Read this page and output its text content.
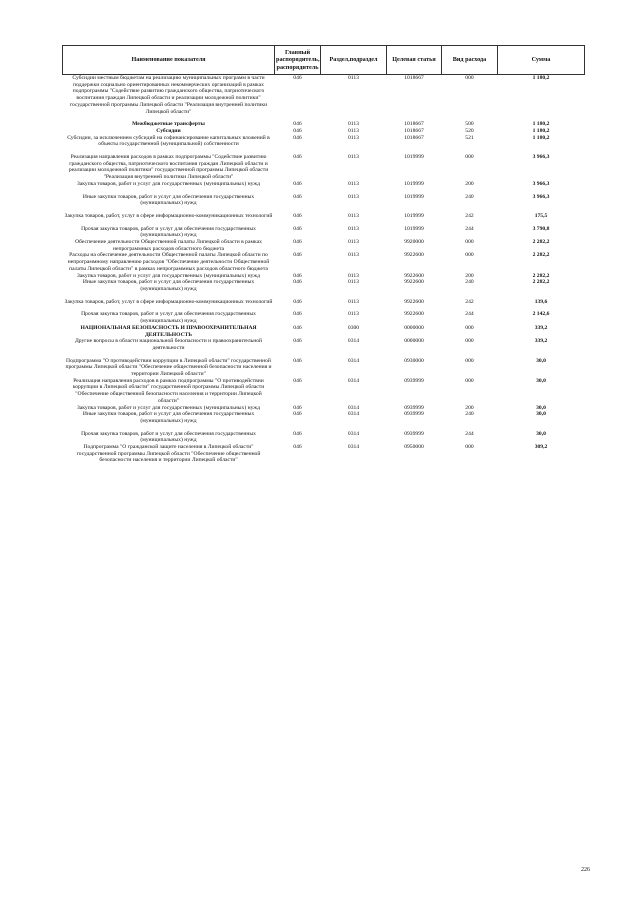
Наименование показателя	Главный распорядитель, распорядитель	Раздел,подраздел	Целевая статья	Вид расхода	Сумма
Субсидии местным бюджетам на реализацию муниципальных программ в части поддержки социально ориентированных некоммерческих организаций в рамках подпрограммы "Содействие развитию гражданского общества, патриотического воспитания граждан Липецкой области и реализации молодежной политики" государственной программы Липецкой области "Реализация внутренней политики Липецкой области"	046	0113	1018667	000	1 180,2
Межбюджетные трансферты	046	0113	1018667	500	1 180,2
Субсидии	046	0113	1018667	520	1 180,2
Субсидии, за исключением субсидий на софинансирование капитальных вложений в объекты государственной (муниципальной) собственности	046	0113	1018667	521	1 180,2
Реализация направления расходов в рамках подпрограммы "Содействие развитию гражданского общества, патриотического воспитания граждан Липецкой области и реализации молодежной политики" государственной программы Липецкой области "Реализация внутренней политики Липецкой области"	046	0113	1019999	000	3 966,3
Закупка товаров, работ и услуг для государственных (муниципальных) нужд	046	0113	1019999	200	3 966,3
Иные закупки товаров, работ и услуг для обеспечения государственных (муниципальных) нужд	046	0113	1019999	240	3 966,3
Закупка товаров, работ, услуг в сфере информационно-коммуникационных технологий	046	0113	1019999	242	175,5
Прочая закупка товаров, работ и услуг для обеспечения государственных (муниципальных) нужд	046	0113	1019999	244	3 790,8
Обеспечение деятельности Общественной палаты Липецкой области в рамках непрограммных расходов областного бюджета	046	0113	9920000	000	2 282,2
Расходы на обеспечение деятельности Общественной палаты Липецкой области по непрограммному направлению расходов "Обеспечение деятельности Общественной палаты Липецкой области" в рамках непрограммных расходов областного бюджета	046	0113	9922600	000	2 282,2
Закупка товаров, работ и услуг для государственных (муниципальных) нужд	046	0113	9922600	200	2 282,2
Иные закупки товаров, работ и услуг для обеспечения государственных (муниципальных) нужд	046	0113	9922600	240	2 282,2
Закупка товаров, работ, услуг в сфере информационно-коммуникационных технологий	046	0113	9922600	242	139,6
Прочая закупка товаров, работ и услуг для обеспечения государственных (муниципальных) нужд	046	0113	9922600	244	2 142,6
НАЦИОНАЛЬНАЯ БЕЗОПАСНОСТЬ И ПРАВООХРАНИТЕЛЬНАЯ ДЕЯТЕЛЬНОСТЬ	046	0300	0000000	000	339,2
Другие вопросы в области национальной безопасности и правоохранительной деятельности	046	0314	0000000	000	339,2
Подпрограмма "О противодействии коррупции в Липецкой области" государственной программы Липецкой области "Обеспечение общественной безопасности населения и территории Липецкой области"	046	0314	0930000	000	30,0
Реализация направления расходов в рамках подпрограммы "О противодействии коррупции в Липецкой области" государственной программы Липецкой области "Обеспечение общественной безопасности населения и территории Липецкой области"	046	0314	0939999	000	30,0
Закупка товаров, работ и услуг для государственных (муниципальных) нужд	046	0314	0939999	200	30,0
Иные закупки товаров, работ и услуг для обеспечения государственных (муниципальных) нужд	046	0314	0939999	240	30,0
Прочая закупка товаров, работ и услуг для обеспечения государственных (муниципальных) нужд	046	0314	0939999	244	30,0
Подпрограмма "О гражданской защите населения в Липецкой области" государственной программы Липецкой области "Обеспечение общественной безопасности населения и территории Липецкой области"	046	0314	0950000	000	309,2
226
